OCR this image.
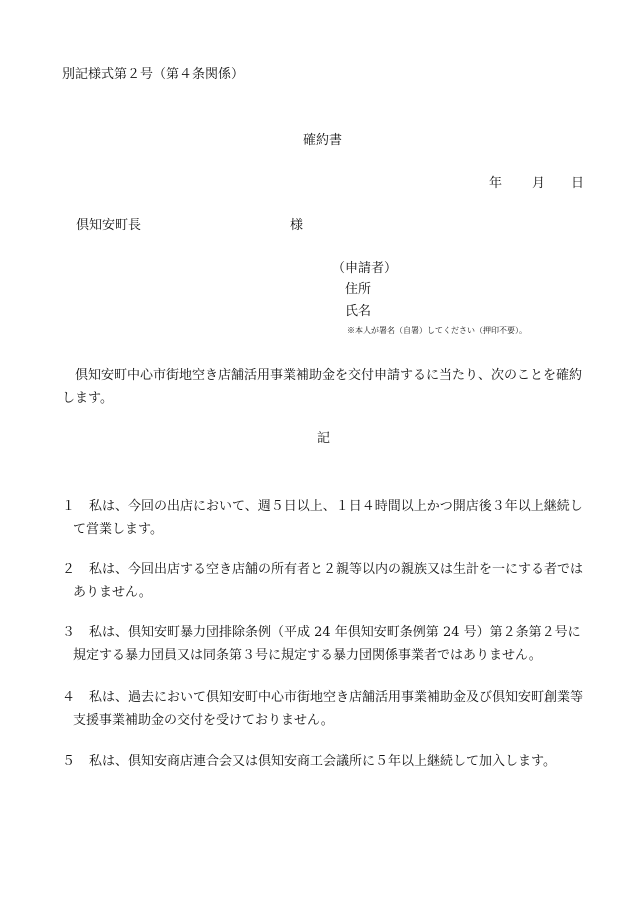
別記様式第２号（第４条関係）
確約書
年 月 日
倶知安町長	様
（申請者）
住所
氏名
※本人が署名（自署）してください（押印不要）。
倶知安町中心市街地空き店舗活用事業補助金を交付申請するに当たり、次のことを確約します。
記
１ 私は、今回の出店において、週５日以上、１日４時間以上かつ開店後３年以上継続して営業します。
２ 私は、今回出店する空き店舗の所有者と２親等以内の親族又は生計を一にする者ではありません。
３ 私は、倶知安町暴力団排除条例（平成 24 年倶知安町条例第 24 号）第２条第２号に規定する暴力団員又は同条第３号に規定する暴力団関係事業者ではありません。
４ 私は、過去において倶知安町中心市街地空き店舗活用事業補助金及び倶知安町創業等支援事業補助金の交付を受けておりません。
５ 私は、倶知安商店連合会又は倶知安商工会議所に５年以上継続して加入します。
